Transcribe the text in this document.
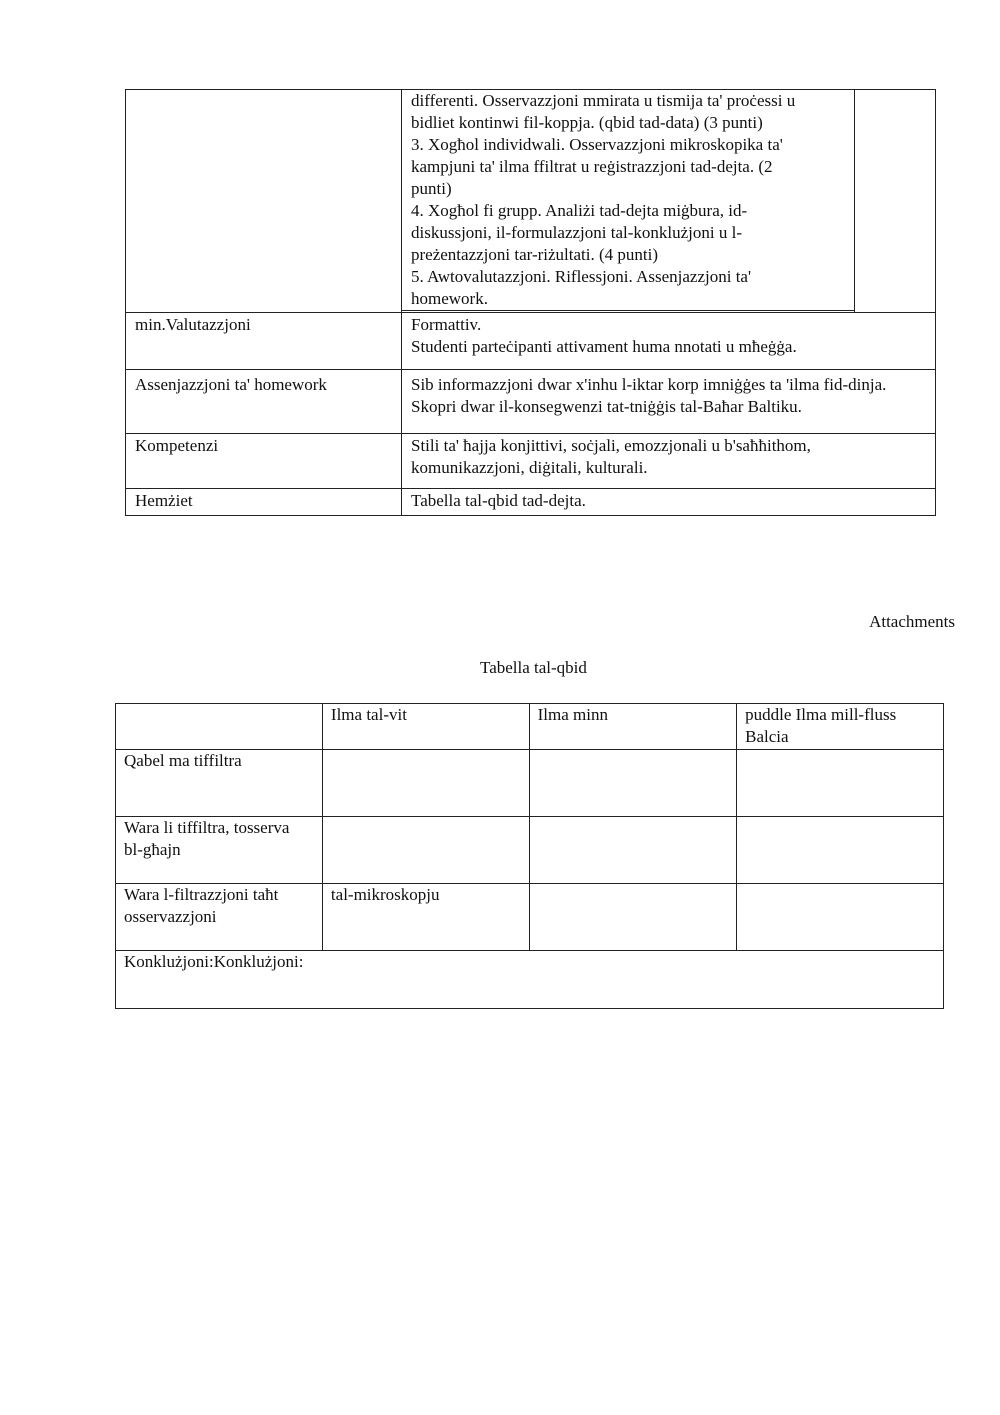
differenti. Osservazzjoni mmirata u tismija ta' proċessi u
bidliet kontinwi fil-koppja. (qbid tad-data) (3 punti)
3. Xogħol individwali. Osservazzjoni mikroskopika ta'
kampjuni ta' ilma ffiltrat u reġistrazzjoni tad-dejta. (2
punti)
4. Xogħol fi grupp. Analiżi tad-dejta miġbura, id-
diskussjoni, il-formulazzjoni tal-konklużjoni u l-
preżentazzjoni tar-riżultati. (4 punti)
5. Awtovalutazzjoni. Riflessjoni. Assenjazzjoni ta'
homework.
min.Valutazzjoni	Formattiv.
Studenti parteċipanti attivament huma nnotati u mħeġġa.
Assenjazzjoni ta' homework	Sib informazzjoni dwar x'inhu l-iktar korp imniġġes ta 'ilma fid-dinja.
Skopri dwar il-konsegwenzi tat-tniġġis tal-Baħar Baltiku.
Kompetenzi	Stili ta' ħajja konjittivi, soċjali, emozzjonali u b'saħħithom,
komunikazzjoni, diġitali, kulturali.
Hemżiet	Tabella tal-qbid tad-dejta.
Attachments
Tabella tal-qbid
	Ilma tal-vit	Ilma minn	puddle Ilma mill-fluss
Balcia

Qabel ma tiffiltra			

Wara li tiffiltra, tosserva
bl-għajn			

Wara l-filtrazzjoni taħt
osservazzjoni	tal-mikroskopju		
Konklużjoni:Konklużjoni:			
